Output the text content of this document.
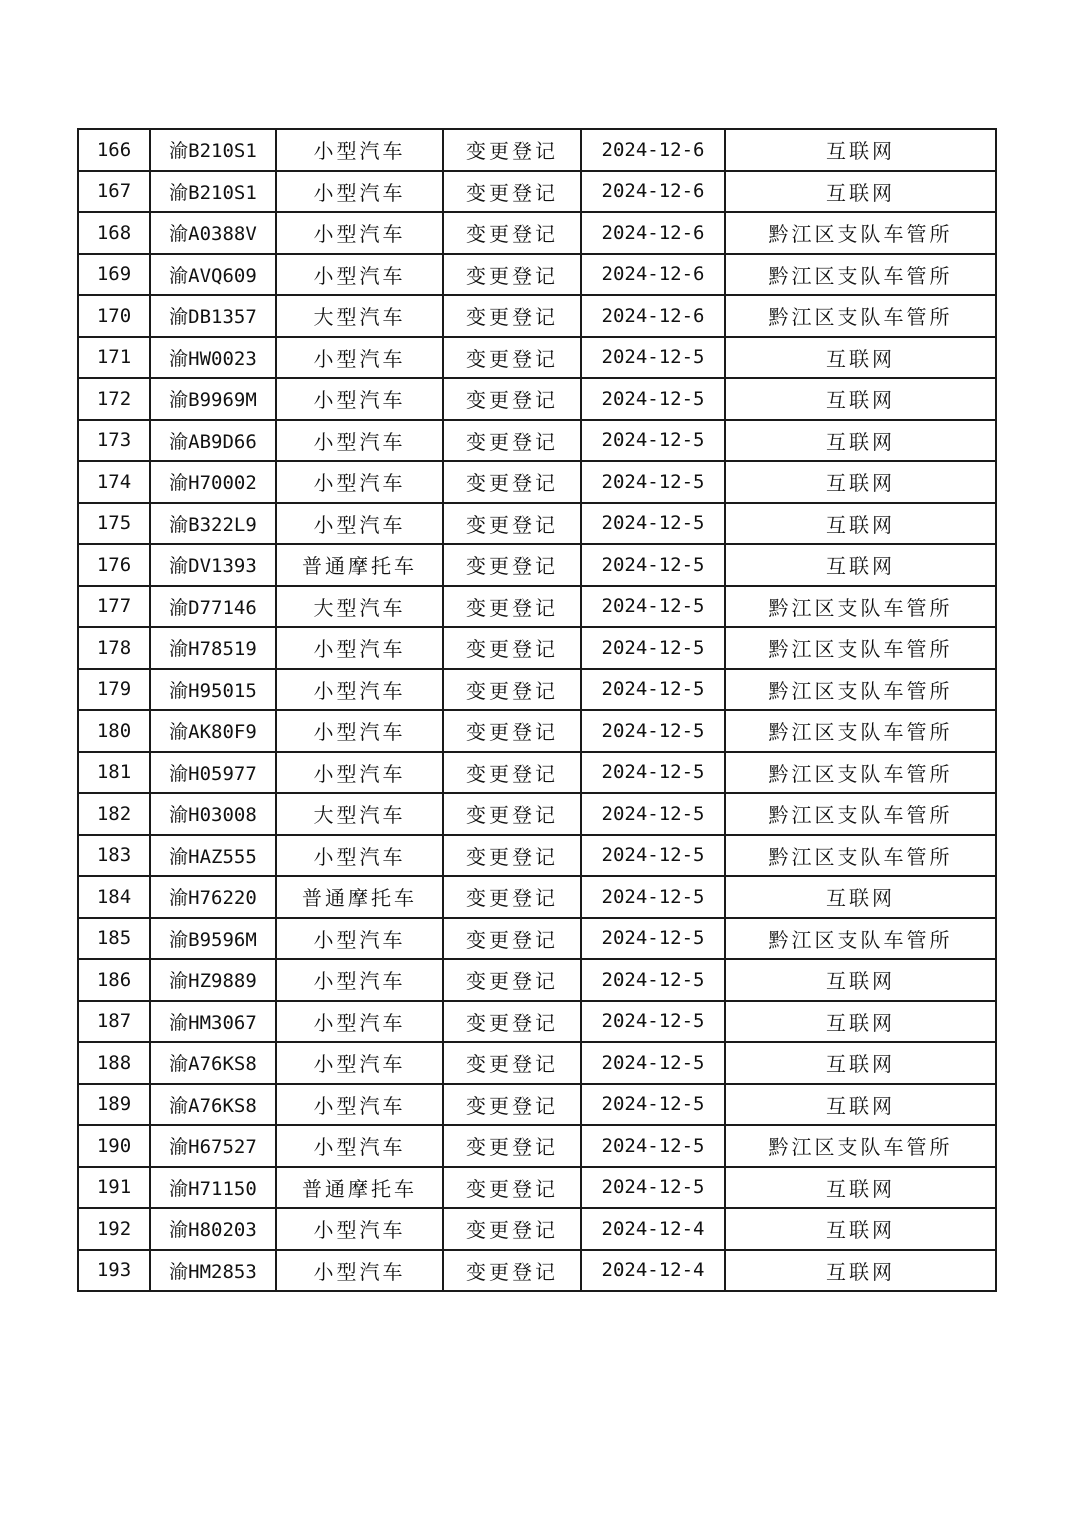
166	渝B210S1	小型汽车	变更登记	2024-12-6	互联网
167	渝B210S1	小型汽车	变更登记	2024-12-6	互联网
168	渝A0388V	小型汽车	变更登记	2024-12-6	黔江区支队车管所
169	渝AVQ609	小型汽车	变更登记	2024-12-6	黔江区支队车管所
170	渝DB1357	大型汽车	变更登记	2024-12-6	黔江区支队车管所
171	渝HW0023	小型汽车	变更登记	2024-12-5	互联网
172	渝B9969M	小型汽车	变更登记	2024-12-5	互联网
173	渝AB9D66	小型汽车	变更登记	2024-12-5	互联网
174	渝H70002	小型汽车	变更登记	2024-12-5	互联网
175	渝B322L9	小型汽车	变更登记	2024-12-5	互联网
176	渝DV1393	普通摩托车	变更登记	2024-12-5	互联网
177	渝D77146	大型汽车	变更登记	2024-12-5	黔江区支队车管所
178	渝H78519	小型汽车	变更登记	2024-12-5	黔江区支队车管所
179	渝H95015	小型汽车	变更登记	2024-12-5	黔江区支队车管所
180	渝AK80F9	小型汽车	变更登记	2024-12-5	黔江区支队车管所
181	渝H05977	小型汽车	变更登记	2024-12-5	黔江区支队车管所
182	渝H03008	大型汽车	变更登记	2024-12-5	黔江区支队车管所
183	渝HAZ555	小型汽车	变更登记	2024-12-5	黔江区支队车管所
184	渝H76220	普通摩托车	变更登记	2024-12-5	互联网
185	渝B9596M	小型汽车	变更登记	2024-12-5	黔江区支队车管所
186	渝HZ9889	小型汽车	变更登记	2024-12-5	互联网
187	渝HM3067	小型汽车	变更登记	2024-12-5	互联网
188	渝A76KS8	小型汽车	变更登记	2024-12-5	互联网
189	渝A76KS8	小型汽车	变更登记	2024-12-5	互联网
190	渝H67527	小型汽车	变更登记	2024-12-5	黔江区支队车管所
191	渝H71150	普通摩托车	变更登记	2024-12-5	互联网
192	渝H80203	小型汽车	变更登记	2024-12-4	互联网
193	渝HM2853	小型汽车	变更登记	2024-12-4	互联网
